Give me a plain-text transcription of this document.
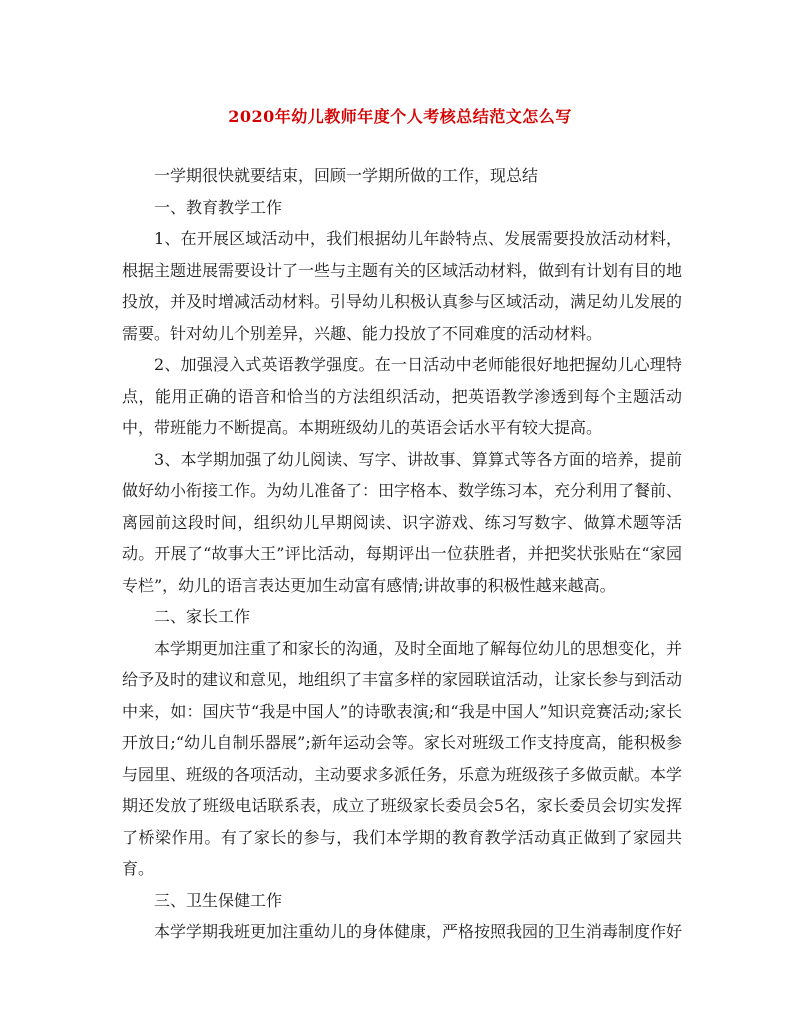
2020年幼儿教师年度个人考核总结范文怎么写

一学期很快就要结束，回顾一学期所做的工作，现总结

一、教育教学工作

1、在开展区域活动中，我们根据幼儿年龄特点、发展需要投放活动材料，根据主题进展需要设计了一些与主题有关的区域活动材料，做到有计划有目的地投放，并及时增减活动材料。引导幼儿积极认真参与区域活动，满足幼儿发展的需要。针对幼儿个别差异，兴趣、能力投放了不同难度的活动材料。

2、加强浸入式英语教学强度。在一日活动中老师能很好地把握幼儿心理特点，能用正确的语音和恰当的方法组织活动，把英语教学渗透到每个主题活动中，带班能力不断提高。本期班级幼儿的英语会话水平有较大提高。

3、本学期加强了幼儿阅读、写字、讲故事、算算式等各方面的培养，提前做好幼小衔接工作。为幼儿准备了：田字格本、数学练习本，充分利用了餐前、离园前这段时间，组织幼儿早期阅读、识字游戏、练习写数字、做算术题等活动。开展了“故事大王”评比活动，每期评出一位获胜者，并把奖状张贴在“家园专栏”，幼儿的语言表达更加生动富有感情;讲故事的积极性越来越高。

二、家长工作

本学期更加注重了和家长的沟通，及时全面地了解每位幼儿的思想变化，并给予及时的建议和意见，地组织了丰富多样的家园联谊活动，让家长参与到活动中来，如：国庆节“我是中国人”的诗歌表演;和“我是中国人”知识竞赛活动;家长开放日;“幼儿自制乐器展”;新年运动会等。家长对班级工作支持度高，能积极参与园里、班级的各项活动，主动要求多派任务，乐意为班级孩子多做贡献。本学期还发放了班级电话联系表，成立了班级家长委员会5名，家长委员会切实发挥了桥梁作用。有了家长的参与，我们本学期的教育教学活动真正做到了家园共育。

三、卫生保健工作

本学学期我班更加注重幼儿的身体健康，严格按照我园的卫生消毒制度作好
